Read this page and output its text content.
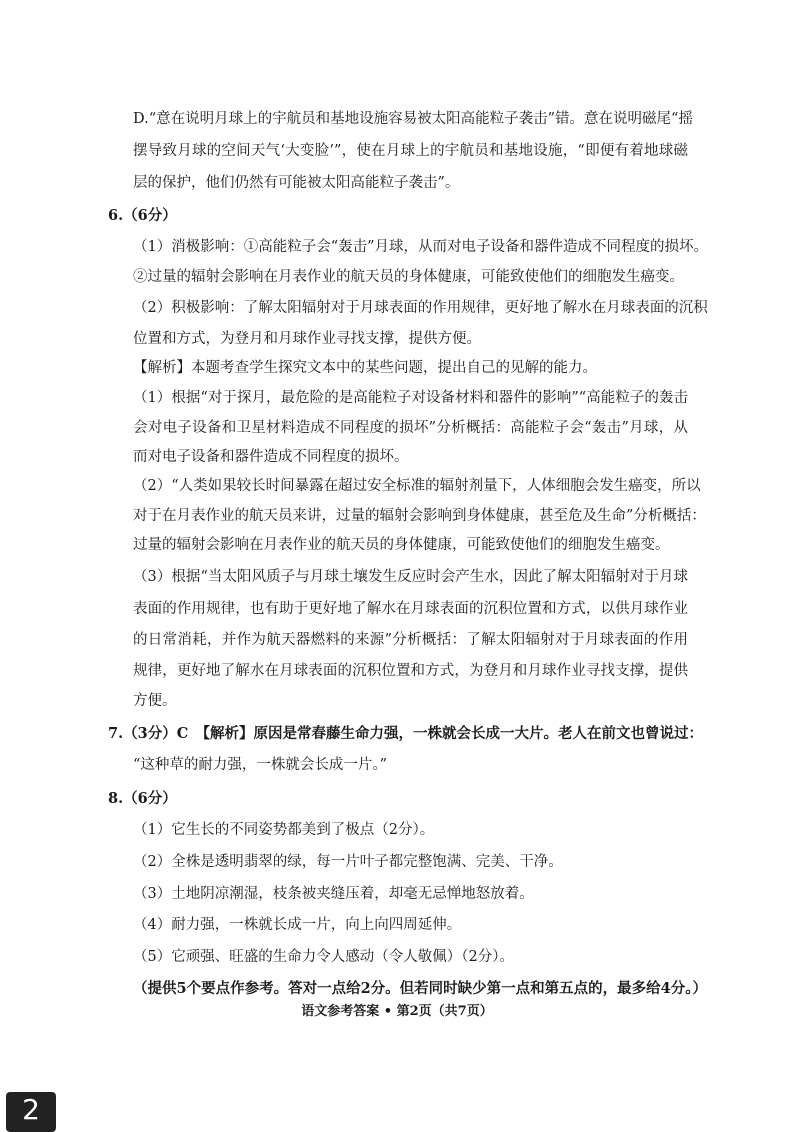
D.“意在说明月球上的宇航员和基地设施容易被太阳高能粒子袭击”错。意在说明磁尾“摇
摆导致月球的空间天气‘大变脸’”，使在月球上的宇航员和基地设施，“即便有着地球磁
层的保护，他们仍然有可能被太阳高能粒子袭击”。
6.（6分）
（1）消极影响：①高能粒子会“轰击”月球，从而对电子设备和器件造成不同程度的损坏。
②过量的辐射会影响在月表作业的航天员的身体健康，可能致使他们的细胞发生癌变。
（2）积极影响：了解太阳辐射对于月球表面的作用规律，更好地了解水在月球表面的沉积
位置和方式，为登月和月球作业寻找支撑，提供方便。
【解析】本题考查学生探究文本中的某些问题，提出自己的见解的能力。
（1）根据“对于探月，最危险的是高能粒子对设备材料和器件的影响”“高能粒子的轰击
会对电子设备和卫星材料造成不同程度的损坏”分析概括：高能粒子会“轰击”月球，从
而对电子设备和器件造成不同程度的损坏。
（2）“人类如果较长时间暴露在超过安全标准的辐射剂量下，人体细胞会发生癌变，所以
对于在月表作业的航天员来讲，过量的辐射会影响到身体健康，甚至危及生命”分析概括：
过量的辐射会影响在月表作业的航天员的身体健康，可能致使他们的细胞发生癌变。
（3）根据“当太阳风质子与月球土壤发生反应时会产生水，因此了解太阳辐射对于月球
表面的作用规律，也有助于更好地了解水在月球表面的沉积位置和方式，以供月球作业
的日常消耗，并作为航天器燃料的来源”分析概括：了解太阳辐射对于月球表面的作用
规律，更好地了解水在月球表面的沉积位置和方式，为登月和月球作业寻找支撑，提供
方便。
7.（3分）C　【解析】原因是常春藤生命力强，一株就会长成一大片。老人在前文也曾说过：
“这种草的耐力强，一株就会长成一片。”
8.（6分）
（1）它生长的不同姿势都美到了极点（2分）。
（2）全株是透明翡翠的绿，每一片叶子都完整饱满、完美、干净。
（3）土地阴凉潮湿，枝条被夹缝压着，却毫无忌惮地怒放着。
（4）耐力强，一株就长成一片，向上向四周延伸。
（5）它顽强、旺盛的生命力令人感动（令人敬佩）（2分）。
（提供5个要点作参考。答对一点给2分。但若同时缺少第一点和第五点的，最多给4分。）
语文参考答案 • 第2页（共7页）
2
